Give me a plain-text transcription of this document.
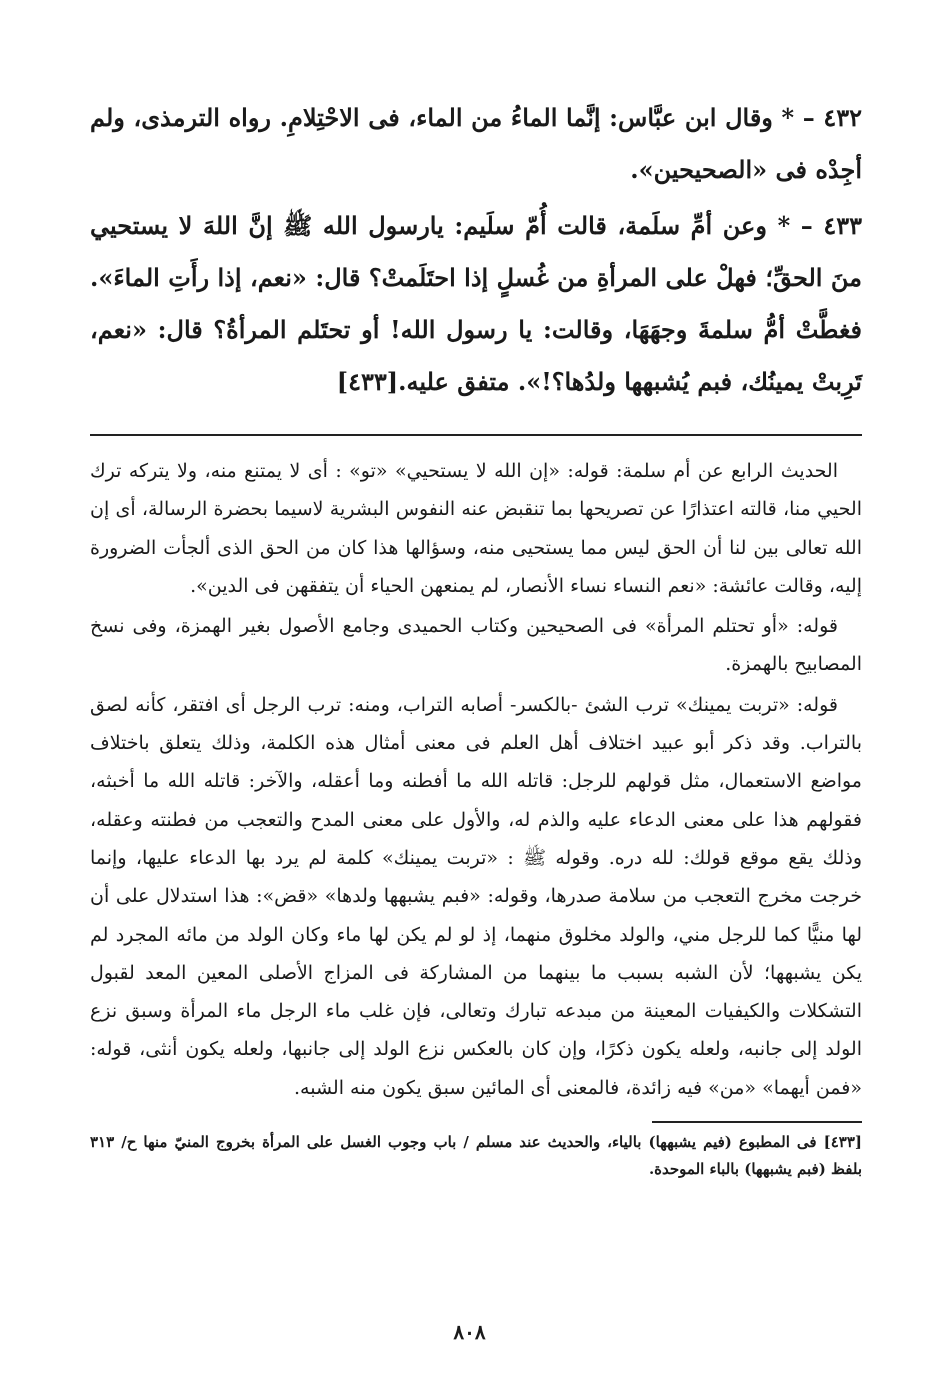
٤٣٢ – * وقال ابن عبَّاس: إنَّما الماءُ من الماء، فى الاحْتِلامِ. رواه الترمذى، ولم أجِدْه فى «الصحيحين».

٤٣٣ – * وعن أمِّ سلَمة، قالت أُمّ سلَيم: يارسول الله ﷺ إنَّ اللهَ لا يستحيي منَ الحقِّ؛ فهلْ على المرأةِ من غُسلٍ إذا احتَلَمتْ؟ قال: «نعم، إذا رأَتِ الماءَ». فغطَّتْ أمُّ سلمةَ وجهَهَا، وقالت: يا رسول الله! أو تحتَلم المرأةُ؟ قال: «نعم، تَرِبتْ يمينُك، فبم يُشبهها ولدُها؟!». متفق عليه.[٤٣٣]

الحديث الرابع عن أم سلمة: قوله: «إن الله لا يستحيي» «تو» : أى لا يمتنع منه، ولا يتركه ترك الحيي منا، قالته اعتذارًا عن تصريحها بما تنقبض عنه النفوس البشرية لاسيما بحضرة الرسالة، أى إن الله تعالى بين لنا أن الحق ليس مما يستحيى منه، وسؤالها هذا كان من الحق الذى ألجأت الضرورة إليه، وقالت عائشة: «نعم النساء نساء الأنصار، لم يمنعهن الحياء أن يتفقهن فى الدين».

قوله: «أو تحتلم المرأة» فى الصحيحين وكتاب الحميدى وجامع الأصول بغير الهمزة، وفى نسخ المصابيح بالهمزة.

قوله: «تربت يمينك» ترب الشئ -بالكسر- أصابه التراب، ومنه: ترب الرجل أى افتقر، كأنه لصق بالتراب. وقد ذكر أبو عبيد اختلاف أهل العلم فى معنى أمثال هذه الكلمة، وذلك يتعلق باختلاف مواضع الاستعمال، مثل قولهم للرجل: قاتله الله ما أفطنه وما أعقله، والآخر: قاتله الله ما أخبثه، فقولهم هذا على معنى الدعاء عليه والذم له، والأول على معنى المدح والتعجب من فطنته وعقله، وذلك يقع موقع قولك: لله دره. وقوله ﷺ : «تربت يمينك» كلمة لم يرد بها الدعاء عليها، وإنما خرجت مخرج التعجب من سلامة صدرها، وقوله: «فبم يشبهها ولدها» «قض»: هذا استدلال على أن لها منيًّا كما للرجل مني، والولد مخلوق منهما، إذ لو لم يكن لها ماء وكان الولد من مائه المجرد لم يكن يشبهها؛ لأن الشبه بسبب ما بينهما من المشاركة فى المزاج الأصلى المعين المعد لقبول التشكلات والكيفيات المعينة من مبدعه تبارك وتعالى، فإن غلب ماء الرجل ماء المرأة وسبق نزع الولد إلى جانبه، ولعله يكون ذكرًا، وإن كان بالعكس نزع الولد إلى جانبها، ولعله يكون أنثى، قوله: «فمن أيهما» «من» فيه زائدة، فالمعنى أى المائين سبق يكون منه الشبه.

[٤٣٣] فى المطبوع (فيم يشبهها) بالياء، والحديث عند مسلم / باب وجوب الغسل على المرأة بخروج المنيّ منها ح/ ٣١٣ بلفظ (فبم يشبهها) بالباء الموحدة.

٨٠٨
